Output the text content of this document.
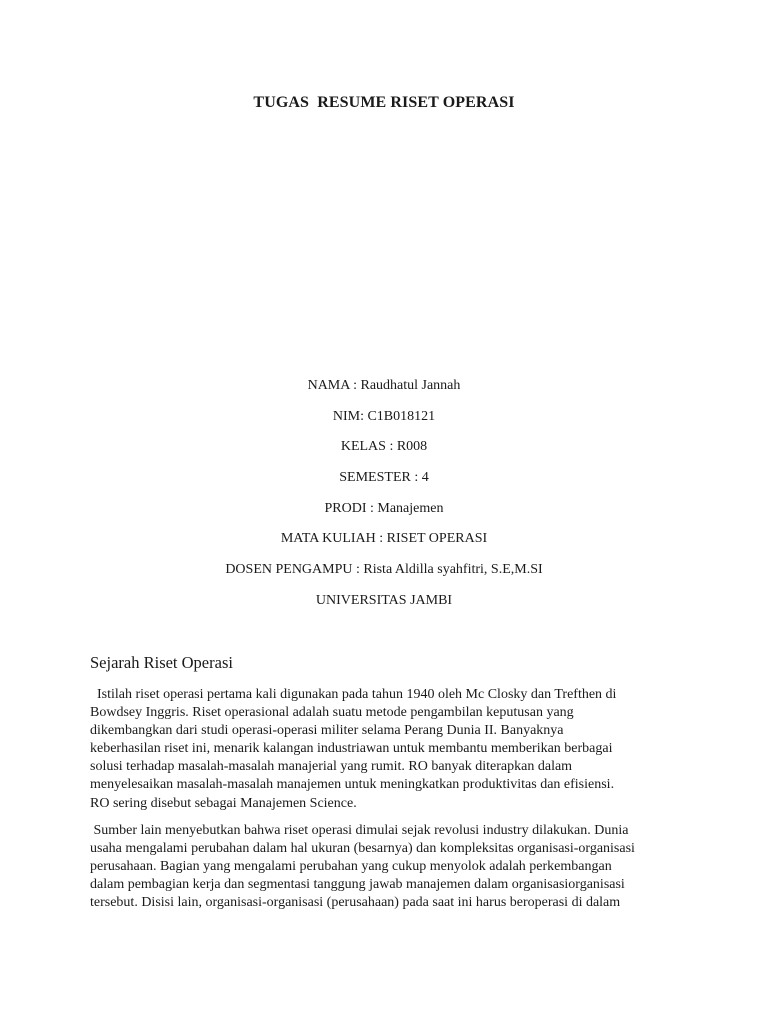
TUGAS  RESUME RISET OPERASI
NAMA : Raudhatul Jannah
NIM: C1B018121
KELAS : R008
SEMESTER : 4
PRODI : Manajemen
MATA KULIAH : RISET OPERASI
DOSEN PENGAMPU : Rista Aldilla syahfitri, S.E,M.SI
UNIVERSITAS JAMBI
Sejarah Riset Operasi
Istilah riset operasi pertama kali digunakan pada tahun 1940 oleh Mc Closky dan Trefthen di
Bowdsey Inggris. Riset operasional adalah suatu metode pengambilan keputusan yang
dikembangkan dari studi operasi-operasi militer selama Perang Dunia II. Banyaknya
keberhasilan riset ini, menarik kalangan industriawan untuk membantu memberikan berbagai
solusi terhadap masalah-masalah manajerial yang rumit. RO banyak diterapkan dalam
menyelesaikan masalah-masalah manajemen untuk meningkatkan produktivitas dan efisiensi.
RO sering disebut sebagai Manajemen Science.
Sumber lain menyebutkan bahwa riset operasi dimulai sejak revolusi industry dilakukan. Dunia
usaha mengalami perubahan dalam hal ukuran (besarnya) dan kompleksitas organisasi-organisasi
perusahaan. Bagian yang mengalami perubahan yang cukup menyolok adalah perkembangan
dalam pembagian kerja dan segmentasi tanggung jawab manajemen dalam organisasiorganisasi
tersebut. Disisi lain, organisasi-organisasi (perusahaan) pada saat ini harus beroperasi di dalam
